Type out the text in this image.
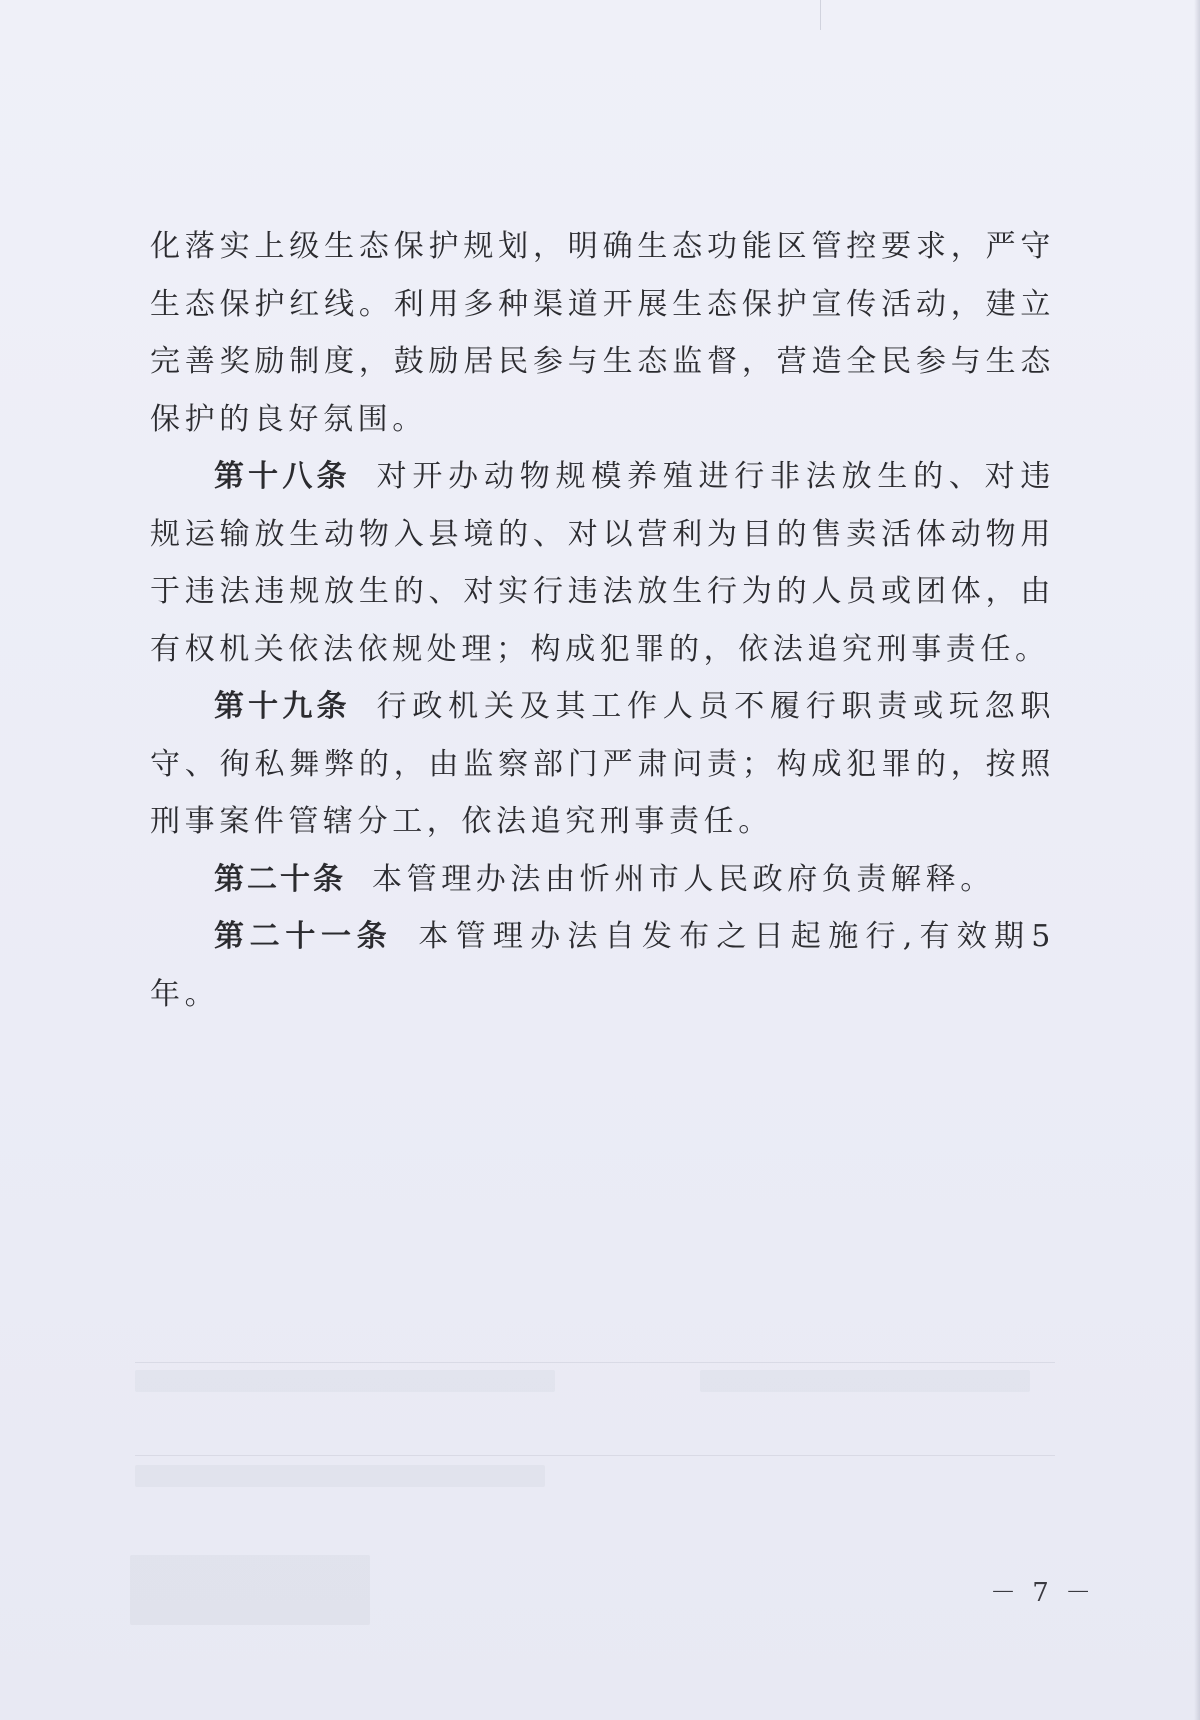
化落实上级生态保护规划，明确生态功能区管控要求，严守生态保护红线。利用多种渠道开展生态保护宣传活动，建立完善奖励制度，鼓励居民参与生态监督，营造全民参与生态保护的良好氛围。

第十八条 对开办动物规模养殖进行非法放生的、对违规运输放生动物入县境的、对以营利为目的售卖活体动物用于违法违规放生的、对实行违法放生行为的人员或团体，由有权机关依法依规处理；构成犯罪的，依法追究刑事责任。

第十九条 行政机关及其工作人员不履行职责或玩忽职守、徇私舞弊的，由监察部门严肃问责；构成犯罪的，按照刑事案件管辖分工，依法追究刑事责任。

第二十条 本管理办法由忻州市人民政府负责解释。

第二十一条 本管理办法自发布之日起施行,有效期5年。

－ 7 －
